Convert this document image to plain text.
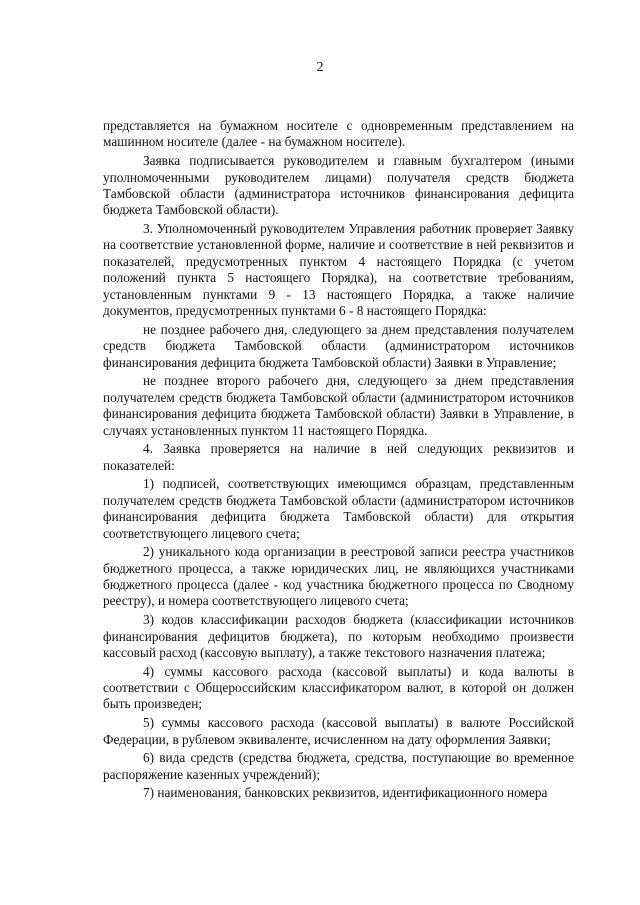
2

представляется на бумажном носителе с одновременным представлением на машинном носителе (далее - на бумажном носителе).

Заявка подписывается руководителем и главным бухгалтером (иными уполномоченными руководителем лицами) получателя средств бюджета Тамбовской области (администратора источников финансирования дефицита бюджета Тамбовской области).

3. Уполномоченный руководителем Управления работник проверяет Заявку на соответствие установленной форме, наличие и соответствие в ней реквизитов и показателей, предусмотренных пунктом 4 настоящего Порядка (с учетом положений пункта 5 настоящего Порядка), на соответствие требованиям, установленным пунктами 9 - 13 настоящего Порядка, а также наличие документов, предусмотренных пунктами 6 - 8 настоящего Порядка:

не позднее рабочего дня, следующего за днем представления получателем средств бюджета Тамбовской области (администратором источников финансирования дефицита бюджета Тамбовской области) Заявки в Управление;

не позднее второго рабочего дня, следующего за днем представления получателем средств бюджета Тамбовской области (администратором источников финансирования дефицита бюджета Тамбовской области) Заявки в Управление, в случаях установленных пунктом 11 настоящего Порядка.

4. Заявка проверяется на наличие в ней следующих реквизитов и показателей:

1) подписей, соответствующих имеющимся образцам, представленным получателем средств бюджета Тамбовской области (администратором источников финансирования дефицита бюджета Тамбовской области) для открытия соответствующего лицевого счета;

2) уникального кода организации в реестровой записи реестра участников бюджетного процесса, а также юридических лиц, не являющихся участниками бюджетного процесса (далее - код участника бюджетного процесса по Сводному реестру), и номера соответствующего лицевого счета;

3) кодов классификации расходов бюджета (классификации источников финансирования дефицитов бюджета), по которым необходимо произвести кассовый расход (кассовую выплату), а также текстового назначения платежа;

4) суммы кассового расхода (кассовой выплаты) и кода валюты в соответствии с Общероссийским классификатором валют, в которой он должен быть произведен;

5) суммы кассового расхода (кассовой выплаты) в валюте Российской Федерации, в рублевом эквиваленте, исчисленном на дату оформления Заявки;

6) вида средств (средства бюджета, средства, поступающие во временное распоряжение казенных учреждений);

7) наименования, банковских реквизитов, идентификационного номера
